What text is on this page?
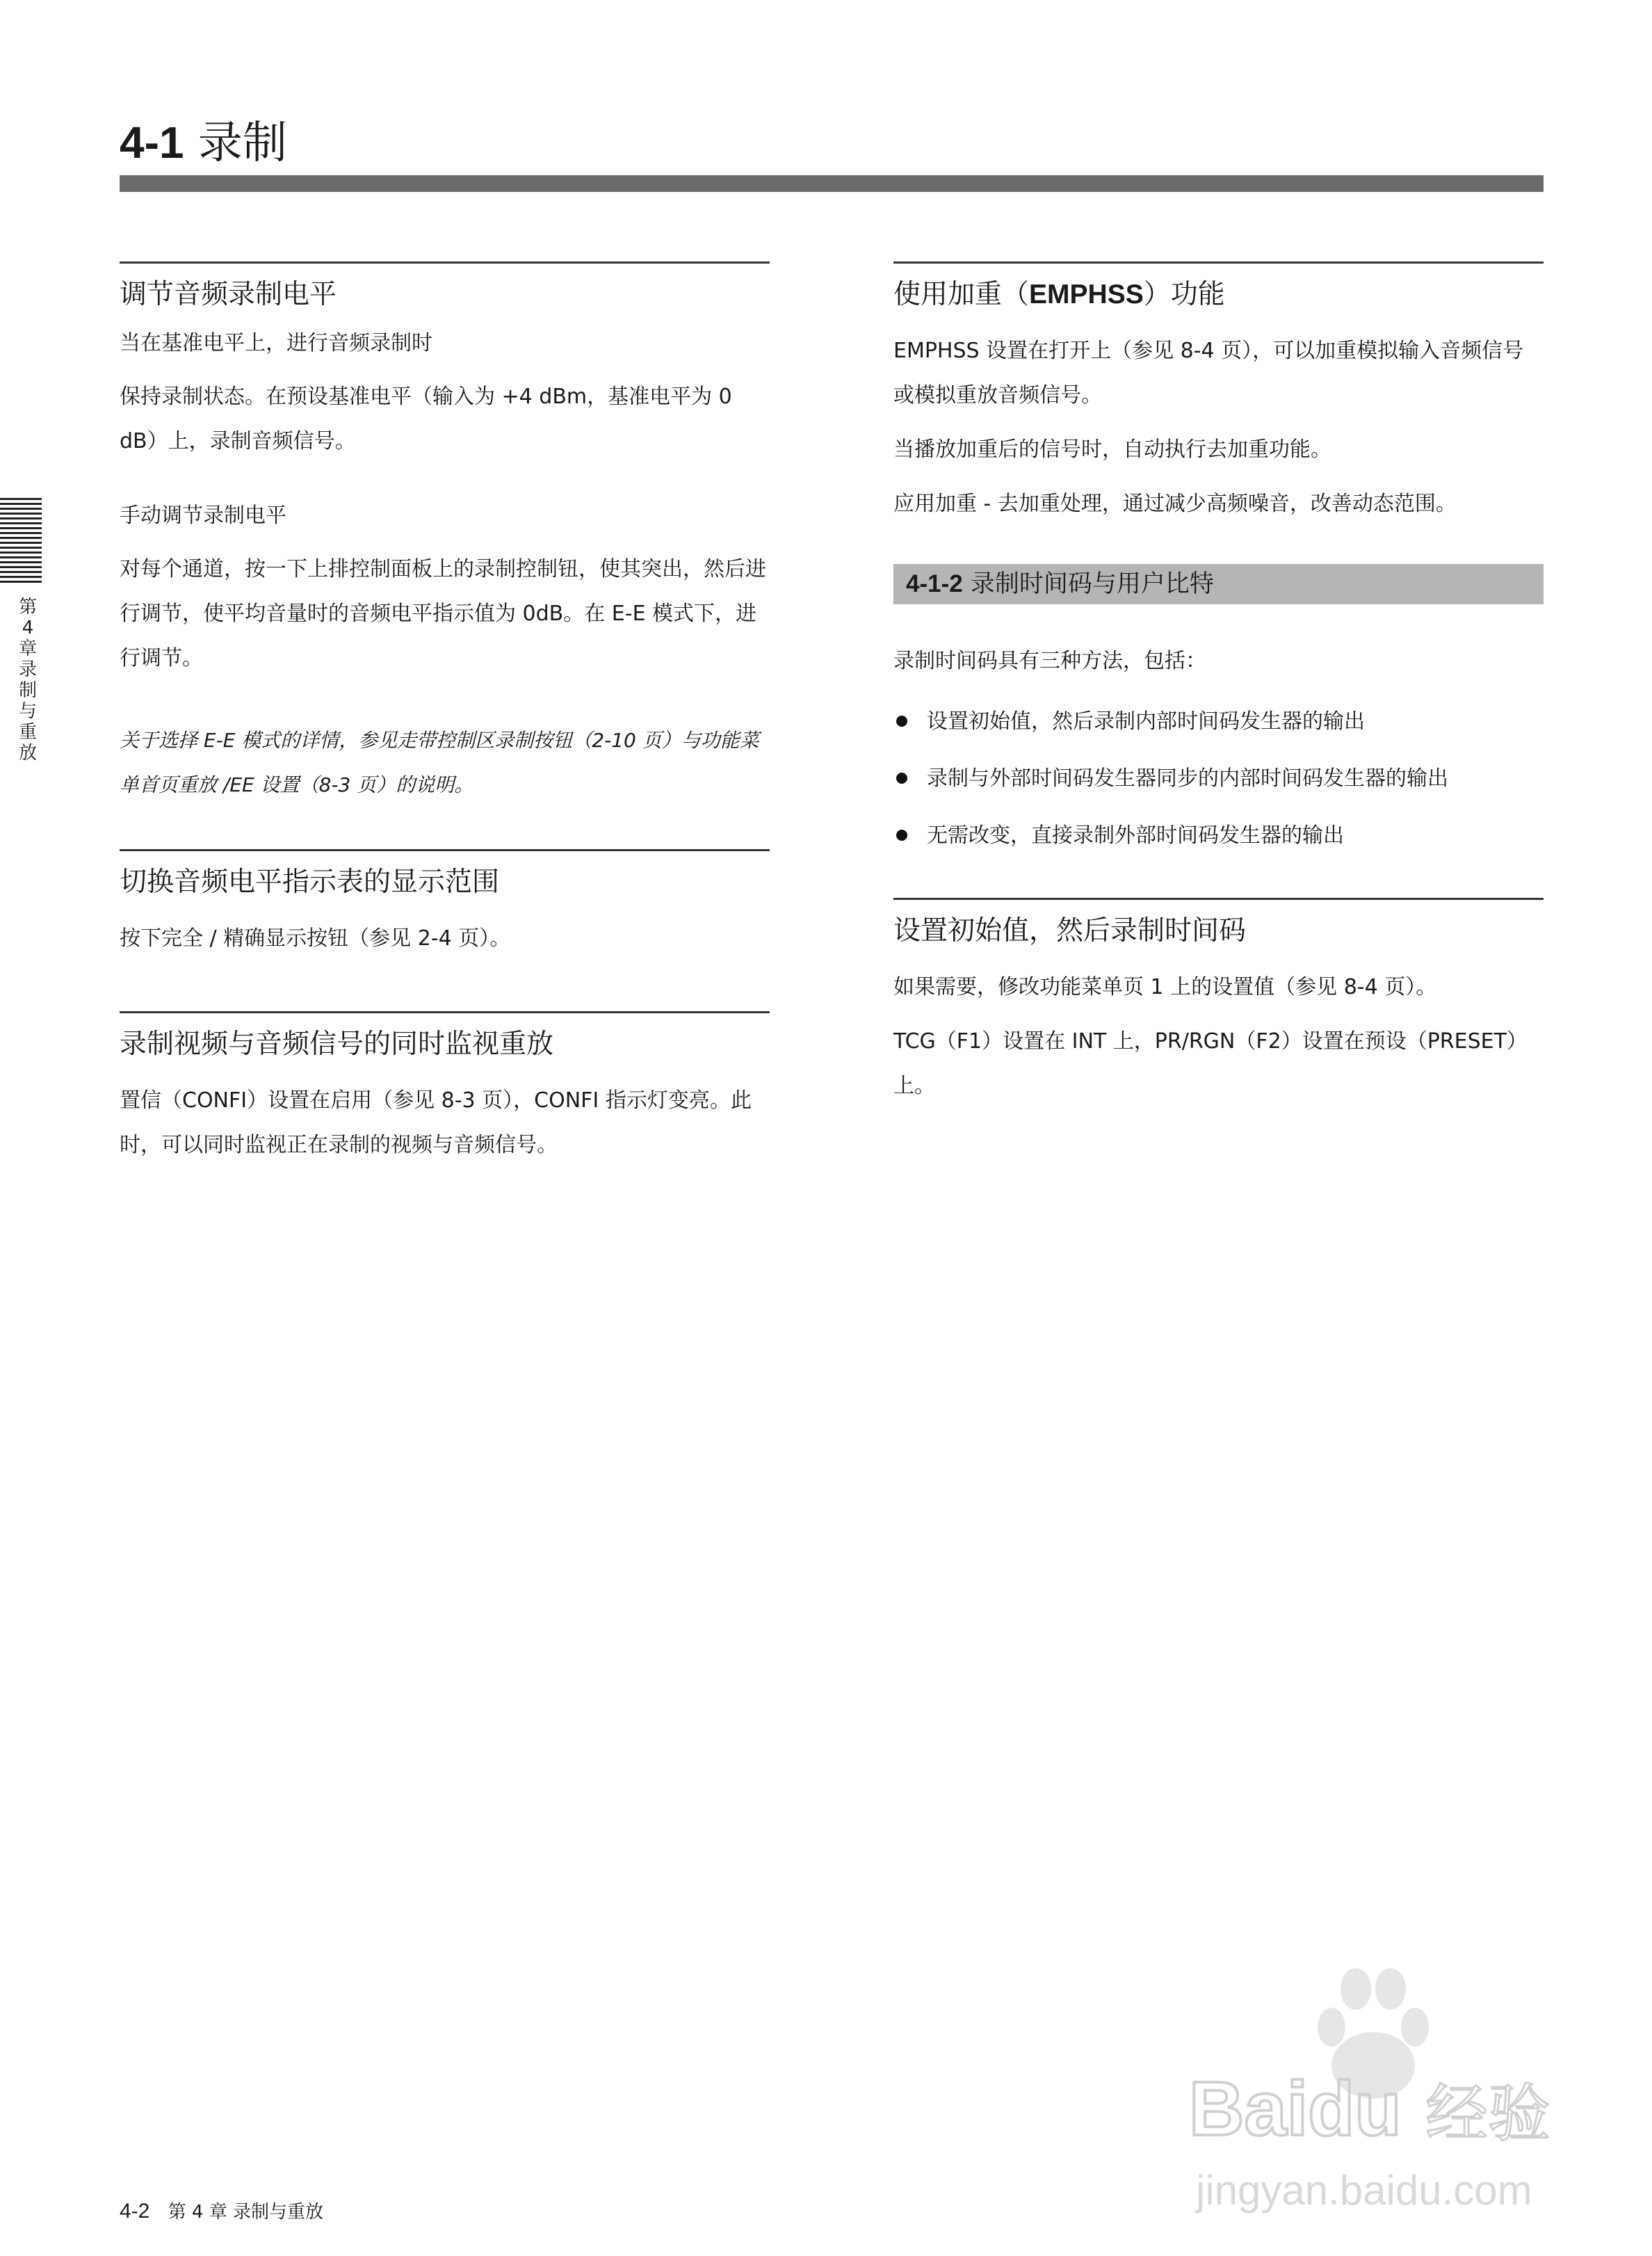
4-1 录制
第4章 录制与重放
调节音频录制电平
当在基准电平上，进行音频录制时

保持录制状态。在预设基准电平（输入为 +4 dBm，基准电平为 0 dB）上，录制音频信号。

手动调节录制电平

对每个通道，按一下上排控制面板上的录制控制钮，使其突出，然后进行调节，使平均音量时的音频电平指示值为 0dB。在 E-E 模式下，进行调节。

关于选择 E-E 模式的详情，参见走带控制区录制按钮（2-10 页）与功能菜单首页重放 /EE 设置（8-3 页）的说明。

切换音频电平指示表的显示范围

按下完全 / 精确显示按钮（参见 2-4 页）。

录制视频与音频信号的同时监视重放

置信（CONFI）设置在启用（参见 8-3 页），CONFI 指示灯变亮。此时，可以同时监视正在录制的视频与音频信号。

使用加重（EMPHSS）功能

EMPHSS 设置在打开上（参见 8-4 页），可以加重模拟输入音频信号或模拟重放音频信号。

当播放加重后的信号时，自动执行去加重功能。

应用加重 - 去加重处理，通过减少高频噪音，改善动态范围。

4-1-2 录制时间码与用户比特

录制时间码具有三种方法，包括：

设置初始值，然后录制内部时间码发生器的输出
录制与外部时间码发生器同步的内部时间码发生器的输出
无需改变，直接录制外部时间码发生器的输出
设置初始值，然后录制时间码

如果需要，修改功能菜单页 1 上的设置值（参见 8-4 页）。

TCG（F1）设置在 INT 上，PR/RGN（F2）设置在预设（PRESET）上。

Baidu 经验
jingyan.baidu.com
4-2 第 4 章 录制与重放
